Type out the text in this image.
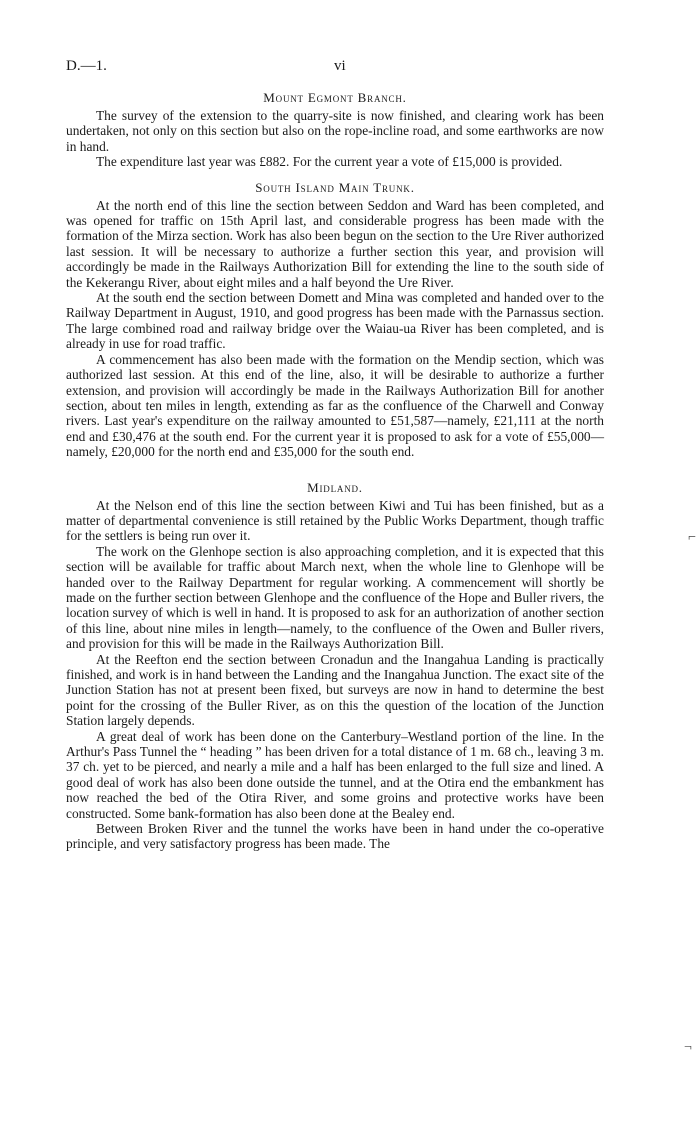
D.—1.	vi
Mount Egmont Branch.

The survey of the extension to the quarry-site is now finished, and clearing work has been undertaken, not only on this section but also on the rope-incline road, and some earthworks are now in hand.

The expenditure last year was £882. For the current year a vote of £15,000 is provided.

South Island Main Trunk.

At the north end of this line the section between Seddon and Ward has been completed, and was opened for traffic on 15th April last, and considerable progress has been made with the formation of the Mirza section. Work has also been begun on the section to the Ure River authorized last session. It will be necessary to authorize a further section this year, and provision will accordingly be made in the Railways Authorization Bill for extending the line to the south side of the Kekerangu River, about eight miles and a half beyond the Ure River.

At the south end the section between Domett and Mina was completed and handed over to the Railway Department in August, 1910, and good progress has been made with the Parnassus section. The large combined road and railway bridge over the Waiau-ua River has been completed, and is already in use for road traffic.

A commencement has also been made with the formation on the Mendip section, which was authorized last session. At this end of the line, also, it will be desirable to authorize a further extension, and provision will accordingly be made in the Railways Authorization Bill for another section, about ten miles in length, extending as far as the confluence of the Charwell and Conway rivers. Last year's expenditure on the railway amounted to £51,587—namely, £21,111 at the north end and £30,476 at the south end. For the current year it is proposed to ask for a vote of £55,000—namely, £20,000 for the north end and £35,000 for the south end.

Midland.

At the Nelson end of this line the section between Kiwi and Tui has been finished, but as a matter of departmental convenience is still retained by the Public Works Department, though traffic for the settlers is being run over it.

The work on the Glenhope section is also approaching completion, and it is expected that this section will be available for traffic about March next, when the whole line to Glenhope will be handed over to the Railway Department for regular working. A commencement will shortly be made on the further section between Glenhope and the confluence of the Hope and Buller rivers, the location survey of which is well in hand. It is proposed to ask for an authorization of another section of this line, about nine miles in length—namely, to the confluence of the Owen and Buller rivers, and provision for this will be made in the Railways Authorization Bill.

At the Reefton end the section between Cronadun and the Inangahua Landing is practically finished, and work is in hand between the Landing and the Inangahua Junction. The exact site of the Junction Station has not at present been fixed, but surveys are now in hand to determine the best point for the crossing of the Buller River, as on this the question of the location of the Junction Station largely depends.

A great deal of work has been done on the Canterbury–Westland portion of the line. In the Arthur's Pass Tunnel the “ heading ” has been driven for a total distance of 1 m. 68 ch., leaving 3 m. 37 ch. yet to be pierced, and nearly a mile and a half has been enlarged to the full size and lined. A good deal of work has also been done outside the tunnel, and at the Otira end the embankment has now reached the bed of the Otira River, and some groins and protective works have been constructed. Some bank-formation has also been done at the Bealey end.

Between Broken River and the tunnel the works have been in hand under the co-operative principle, and very satisfactory progress has been made. The

⌐
¬
